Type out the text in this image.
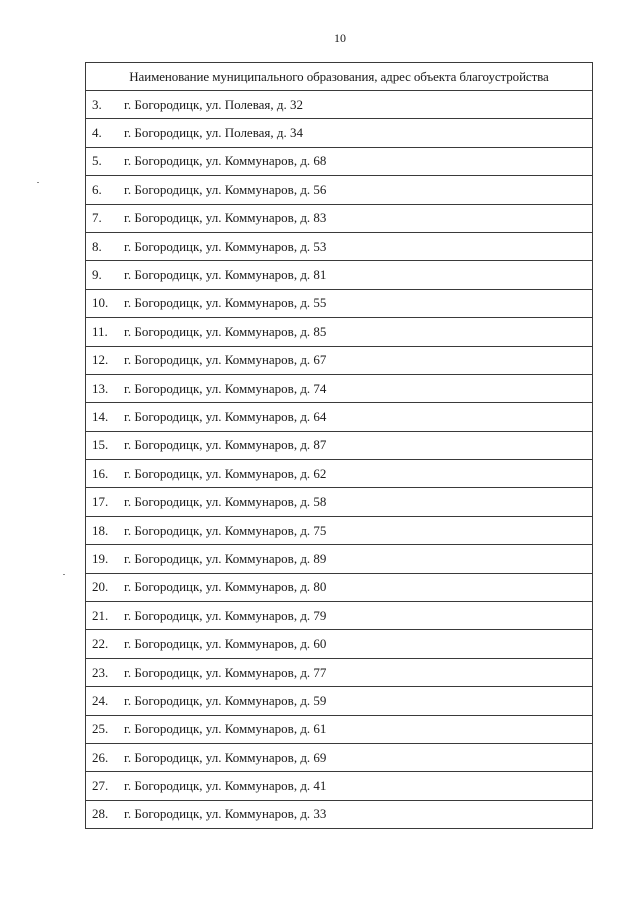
10
Наименование муниципального образования, адрес объекта благоустройства
3. г. Богородицк, ул. Полевая, д. 32
4. г. Богородицк, ул. Полевая, д. 34
5. г. Богородицк, ул. Коммунаров, д. 68
6. г. Богородицк, ул. Коммунаров, д. 56
7. г. Богородицк, ул. Коммунаров, д. 83
8. г. Богородицк, ул. Коммунаров, д. 53
9. г. Богородицк, ул. Коммунаров, д. 81
10. г. Богородицк, ул. Коммунаров, д. 55
11. г. Богородицк, ул. Коммунаров, д. 85
12. г. Богородицк, ул. Коммунаров, д. 67
13. г. Богородицк, ул. Коммунаров, д. 74
14. г. Богородицк, ул. Коммунаров, д. 64
15. г. Богородицк, ул. Коммунаров, д. 87
16. г. Богородицк, ул. Коммунаров, д. 62
17. г. Богородицк, ул. Коммунаров, д. 58
18. г. Богородицк, ул. Коммунаров, д. 75
19. г. Богородицк, ул. Коммунаров, д. 89
20. г. Богородицк, ул. Коммунаров, д. 80
21. г. Богородицк, ул. Коммунаров, д. 79
22. г. Богородицк, ул. Коммунаров, д. 60
23. г. Богородицк, ул. Коммунаров, д. 77
24. г. Богородицк, ул. Коммунаров, д. 59
25. г. Богородицк, ул. Коммунаров, д. 61
26. г. Богородицк, ул. Коммунаров, д. 69
27. г. Богородицк, ул. Коммунаров, д. 41
28. г. Богородицк, ул. Коммунаров, д. 33
